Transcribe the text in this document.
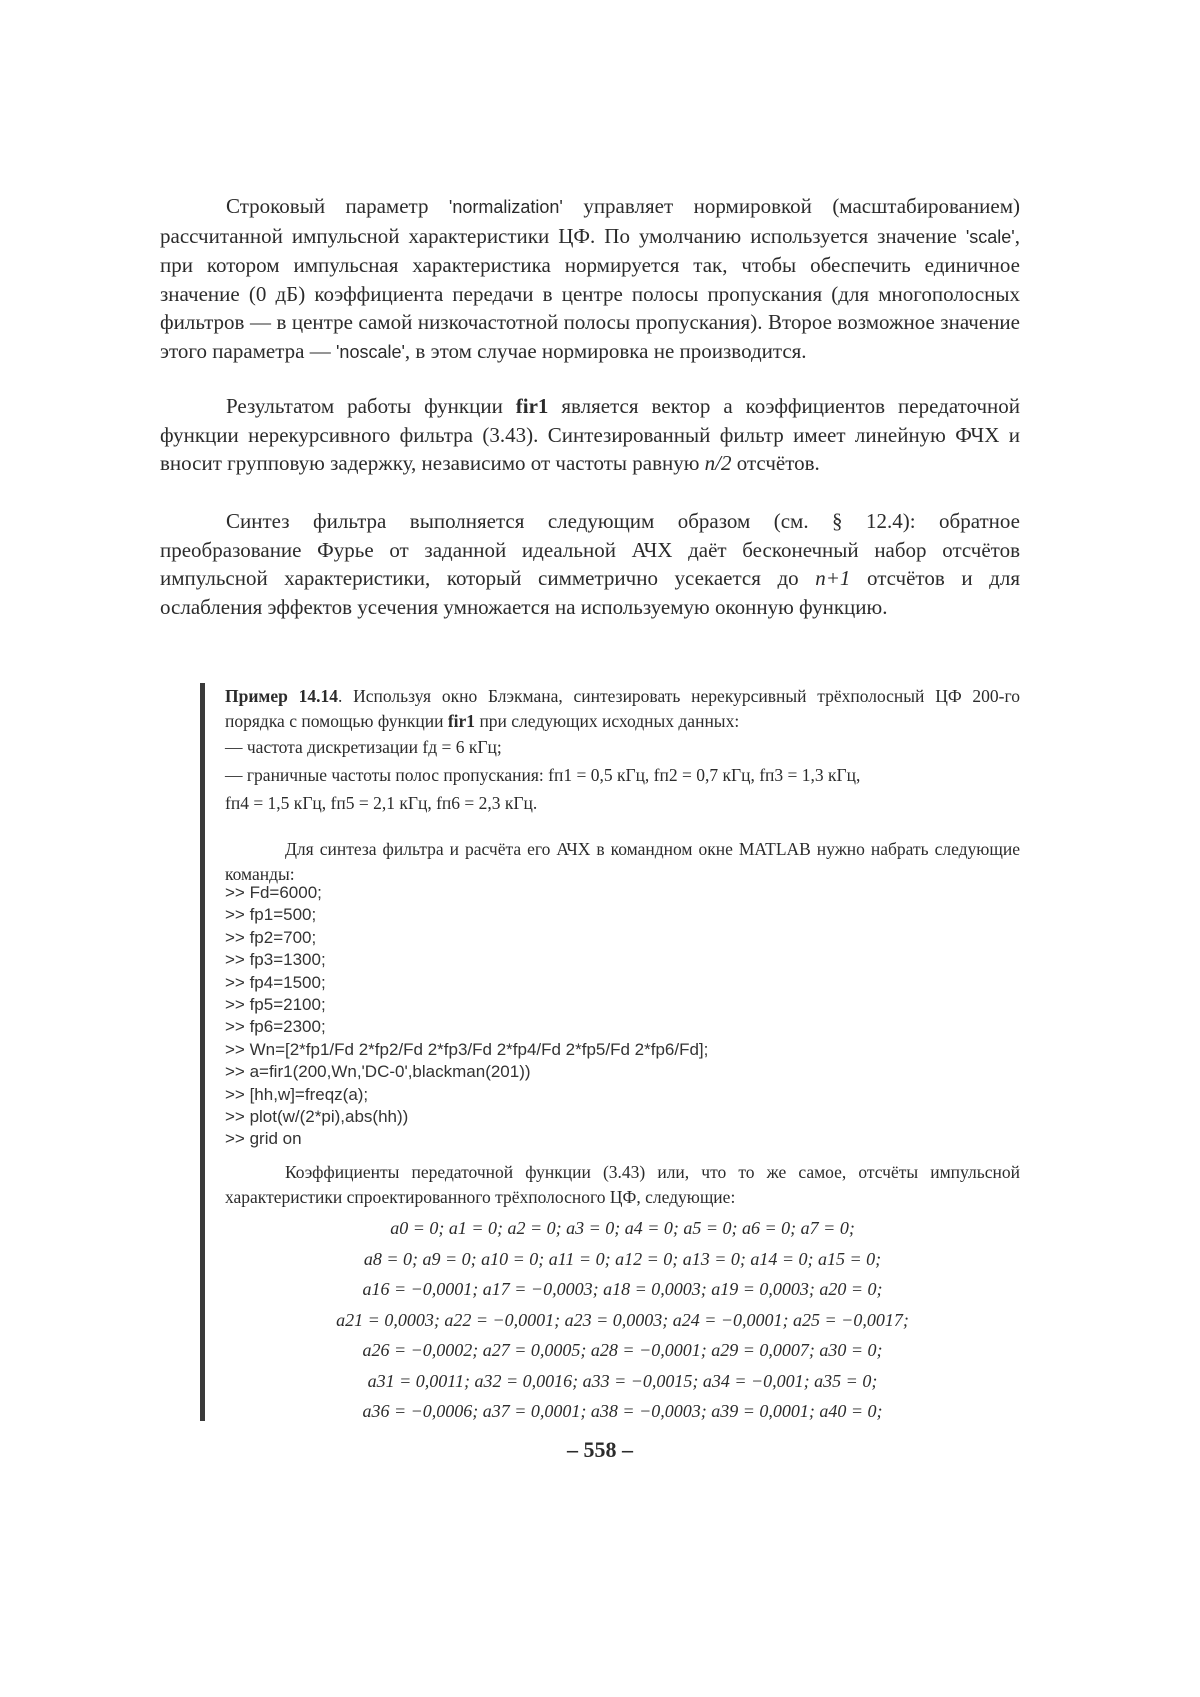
Строковый параметр 'normalization' управляет нормировкой (масштабированием) рассчитанной импульсной характеристики ЦФ. По умолчанию используется значение 'scale', при котором импульсная характеристика нормируется так, чтобы обеспечить единичное значение (0 дБ) коэффициента передачи в центре полосы пропускания (для многополосных фильтров — в центре самой низкочастотной полосы пропускания). Второе возможное значение этого параметра — 'noscale', в этом случае нормировка не производится.

Результатом работы функции fir1 является вектор a коэффициентов передаточной функции нерекурсивного фильтра (3.43). Синтезированный фильтр имеет линейную ФЧХ и вносит групповую задержку, независимо от частоты равную n/2 отсчётов.

Синтез фильтра выполняется следующим образом (см. § 12.4): обратное преобразование Фурье от заданной идеальной АЧХ даёт бесконечный набор отсчётов импульсной характеристики, который симметрично усекается до n+1 отсчётов и для ослабления эффектов усечения умножается на используемую оконную функцию.

Пример 14.14. Используя окно Блэкмана, синтезировать нерекурсивный трёхполосный ЦФ 200-го порядка с помощью функции fir1 при следующих исходных данных:

— частота дискретизации fд = 6 кГц;

— граничные частоты полос пропускания: fп1 = 0,5 кГц, fп2 = 0,7 кГц, fп3 = 1,3 кГц,

fп4 = 1,5 кГц, fп5 = 2,1 кГц, fп6 = 2,3 кГц.

Для синтеза фильтра и расчёта его АЧХ в командном окне MATLAB нужно набрать следующие команды:

>> Fd=6000;
>> fp1=500;
>> fp2=700;
>> fp3=1300;
>> fp4=1500;
>> fp5=2100;
>> fp6=2300;
>> Wn=[2*fp1/Fd 2*fp2/Fd 2*fp3/Fd 2*fp4/Fd 2*fp5/Fd 2*fp6/Fd];
>> a=fir1(200,Wn,'DC-0',blackman(201))
>> [hh,w]=freqz(a);
>> plot(w/(2*pi),abs(hh))
>> grid on

Коэффициенты передаточной функции (3.43) или, что то же самое, отсчёты импульсной характеристики спроектированного трёхполосного ЦФ, следующие:

a0 = 0; a1 = 0; a2 = 0; a3 = 0; a4 = 0; a5 = 0; a6 = 0; a7 = 0;
a8 = 0; a9 = 0; a10 = 0; a11 = 0; a12 = 0; a13 = 0; a14 = 0; a15 = 0;
a16 = −0,0001; a17 = −0,0003; a18 = 0,0003; a19 = 0,0003; a20 = 0;
a21 = 0,0003; a22 = −0,0001; a23 = 0,0003; a24 = −0,0001; a25 = −0,0017;
a26 = −0,0002; a27 = 0,0005; a28 = −0,0001; a29 = 0,0007; a30 = 0;
a31 = 0,0011; a32 = 0,0016; a33 = −0,0015; a34 = −0,001; a35 = 0;
a36 = −0,0006; a37 = 0,0001; a38 = −0,0003; a39 = 0,0001; a40 = 0;
– 558 –
